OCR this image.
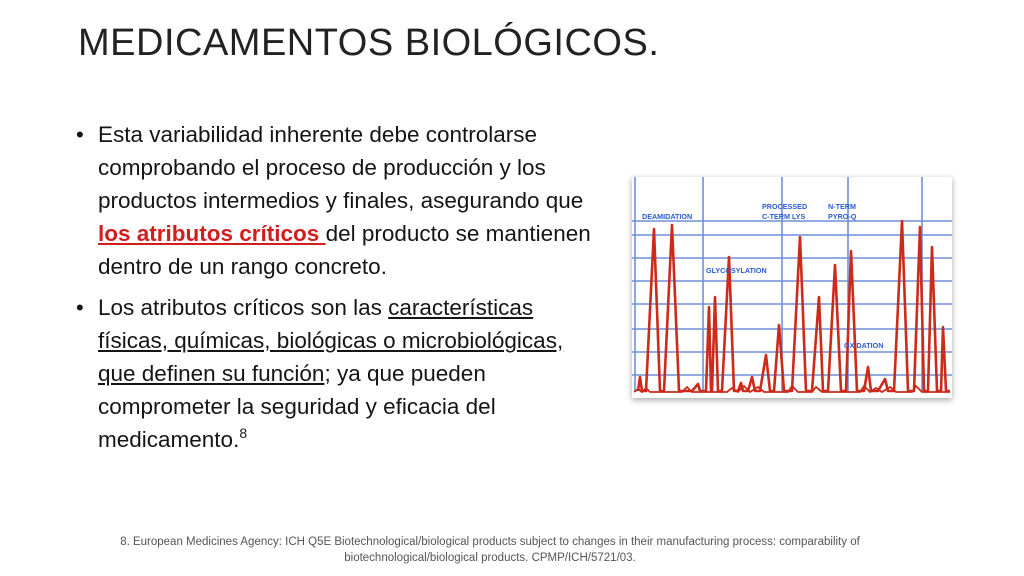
MEDICAMENTOS BIOLÓGICOS.
• Esta variabilidad inherente debe controlarse comprobando el proceso de producción y los productos intermedios y finales, asegurando que los atributos críticos del producto se mantienen dentro de un rango concreto.
• Los atributos críticos son las características físicas, químicas, biológicas o microbiológicas, que definen su función; ya que pueden comprometer la seguridad y eficacia del medicamento.$^8$
DEAMIDATION
PROCESSED
C-TERM LYS
N-TERM
PYRO-Q
GLYCOSYLATION
OXIDATION
8. European Medicines Agency: ICH Q5E Biotechnological/biological products subject to changes in their manufacturing process: comparability of biotechnological/biological products. CPMP/ICH/5721/03.
